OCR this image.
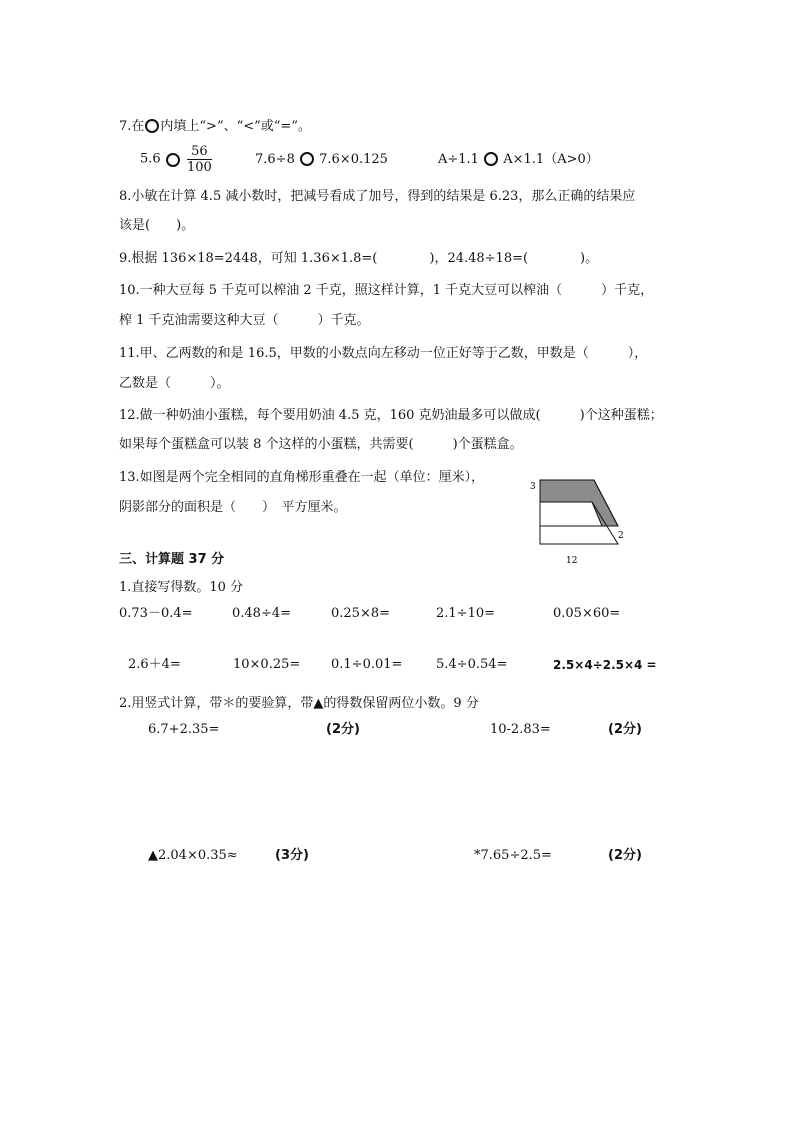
7.在 内填上“>”、“<”或“=”。
$5.6 \frac{56}{100}$	7.6÷8 7.6×0.125	A÷1.1 A×1.1（A>0）
8.小敏在计算 4.5 减小数时，把减号看成了加号，得到的结果是 6.23，那么正确的结果应
该是(　　)。
9.根据 136×18=2448，可知 1.36×1.8=(　　　　)，24.48÷18=(　　　　)。
10.一种大豆每 5 千克可以榨油 2 千克，照这样计算，1 千克大豆可以榨油（　　　）千克，
榨 1 千克油需要这种大豆（　　　）千克。
11.甲、乙两数的和是 16.5，甲数的小数点向左移动一位正好等于乙数，甲数是（　　　），
乙数是（　　　）。
12.做一种奶油小蛋糕，每个要用奶油 4.5 克，160 克奶油最多可以做成(　　　)个这种蛋糕；
如果每个蛋糕盒可以装 8 个这样的小蛋糕，共需要(　　　)个蛋糕盒。
13.如图是两个完全相同的直角梯形重叠在一起（单位：厘米），
阴影部分的面积是（　　）　平方厘米。
3
2
12
三、计算题 37 分
1.直接写得数。10 分
0.73－0.4=	0.48÷4=	0.25×8=	2.1÷10=	0.05×60=
2.6＋4=	10×0.25= 0.1÷0.01=	5.4÷0.54=	2.5×4÷2.5×4 =
2.用竖式计算，带＊的要验算，带▲的得数保留两位小数。9 分
6.7+2.35=	(2分)	10-2.83=	(2分)
▲2.04×0.35≈	(3分)	*7.65÷2.5=	(2分)
